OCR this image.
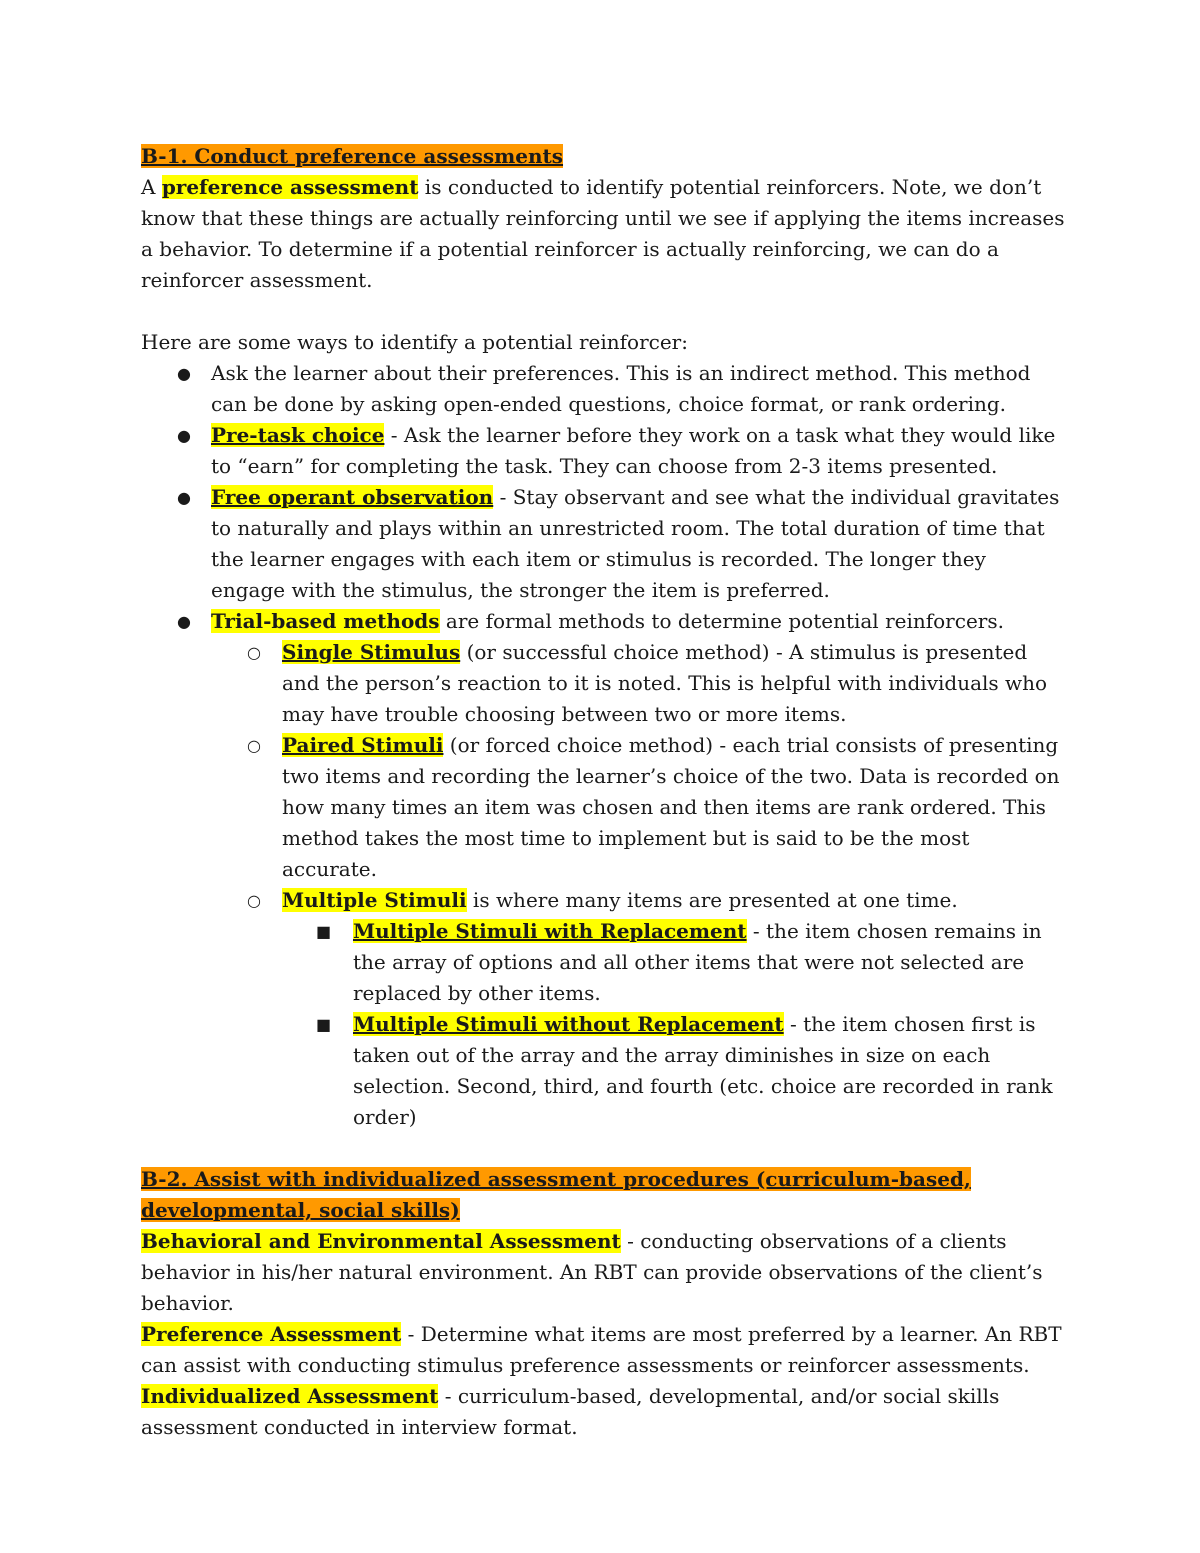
B-1. Conduct preference assessments

A preference assessment is conducted to identify potential reinforcers. Note, we don’t know that these things are actually reinforcing until we see if applying the items increases a behavior. To determine if a potential reinforcer is actually reinforcing, we can do a reinforcer assessment.

Here are some ways to identify a potential reinforcer:

● Ask the learner about their preferences. This is an indirect method. This method can be done by asking open-ended questions, choice format, or rank ordering.
● Pre-task choice - Ask the learner before they work on a task what they would like to “earn” for completing the task. They can choose from 2-3 items presented.
● Free operant observation - Stay observant and see what the individual gravitates to naturally and plays within an unrestricted room. The total duration of time that the learner engages with each item or stimulus is recorded. The longer they engage with the stimulus, the stronger the item is preferred.
● Trial-based methods are formal methods to determine potential reinforcers.
○ Single Stimulus (or successful choice method) - A stimulus is presented and the person’s reaction to it is noted. This is helpful with individuals who may have trouble choosing between two or more items.
○ Paired Stimuli (or forced choice method) - each trial consists of presenting two items and recording the learner’s choice of the two. Data is recorded on how many times an item was chosen and then items are rank ordered. This method takes the most time to implement but is said to be the most accurate.
○ Multiple Stimuli is where many items are presented at one time.
■ Multiple Stimuli with Replacement - the item chosen remains in the array of options and all other items that were not selected are replaced by other items.
■ Multiple Stimuli without Replacement - the item chosen first is taken out of the array and the array diminishes in size on each selection. Second, third, and fourth (etc. choice are recorded in rank order)

B-2. Assist with individualized assessment procedures (curriculum-based, developmental, social skills)

Behavioral and Environmental Assessment - conducting observations of a clients behavior in his/her natural environment. An RBT can provide observations of the client’s behavior.

Preference Assessment - Determine what items are most preferred by a learner. An RBT can assist with conducting stimulus preference assessments or reinforcer assessments.

Individualized Assessment - curriculum-based, developmental, and/or social skills assessment conducted in interview format.
